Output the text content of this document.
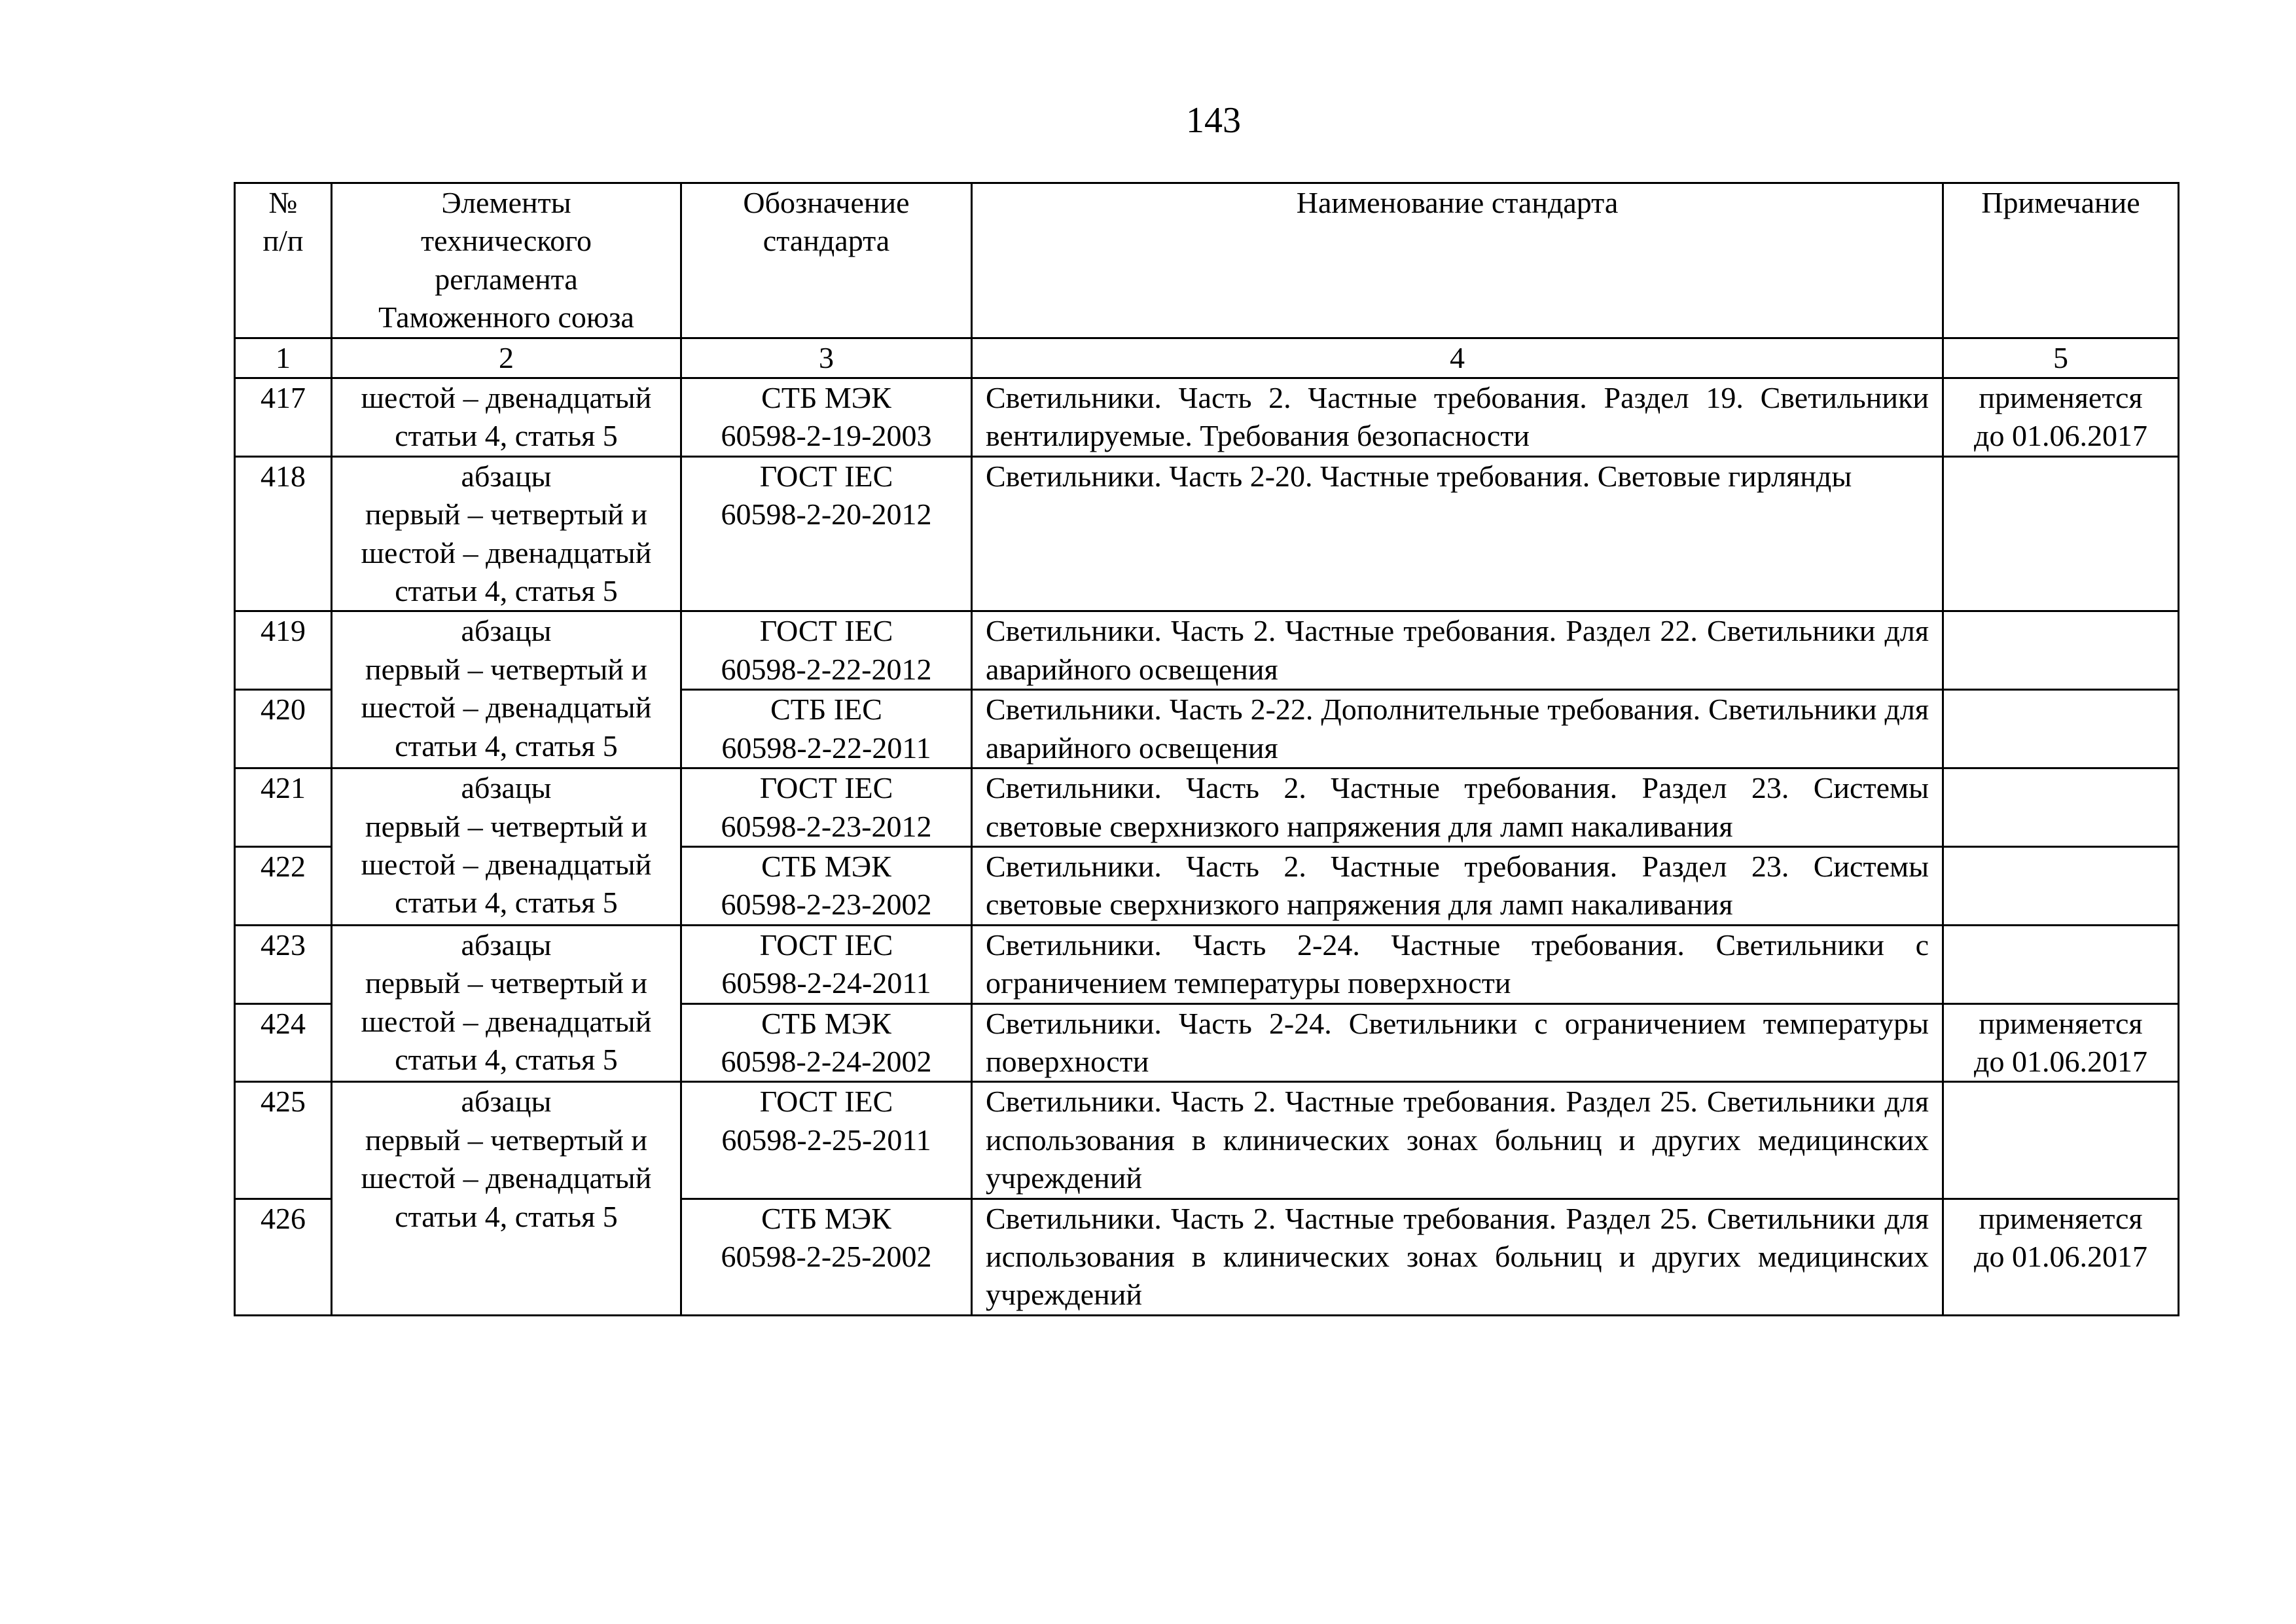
143
№
п/п	Элементы
технического
регламента
Таможенного союза	Обозначение
стандарта	Наименование стандарта	Примечание

1	2	3	4	5
417	шестой – двенадцатый
статьи 4, статья 5	СТБ МЭК
60598-2-19-2003	Светильники. Часть 2. Частные требования. Раздел 19. Светильники вентилируемые. Требования безопасности	применяется
до 01.06.2017

418	абзацы
первый – четвертый и
шестой – двенадцатый
статьи 4, статья 5	ГОСТ IEC
60598-2-20-2012	Светильники. Часть 2-20. Частные требования. Световые гирлянды	
419	абзацы
первый – четвертый и
шестой – двенадцатый
статьи 4, статья 5	ГОСТ IEC
60598-2-22-2012	Светильники. Часть 2. Частные требования. Раздел 22. Светильники для аварийного освещения	
420		СТБ IEC
60598-2-22-2011	Светильники. Часть 2-22. Дополнительные требования. Светильники для аварийного освещения	
421	абзацы
первый – четвертый и
шестой – двенадцатый
статьи 4, статья 5	ГОСТ IEC
60598-2-23-2012	Светильники. Часть 2. Частные требования. Раздел 23. Системы световые сверхнизкого напряжения для ламп накаливания	
422		СТБ МЭК
60598-2-23-2002	Светильники. Часть 2. Частные требования. Раздел 23. Системы световые сверхнизкого напряжения для ламп накаливания	
423	абзацы
первый – четвертый и
шестой – двенадцатый
статьи 4, статья 5	ГОСТ IEC
60598-2-24-2011	Светильники. Часть 2-24. Частные требования. Светильники с ограничением температуры поверхности	
424		СТБ МЭК
60598-2-24-2002	Светильники. Часть 2-24. Светильники с ограничением температуры поверхности	применяется
до 01.06.2017

425	абзацы
первый – четвертый и
шестой – двенадцатый
статьи 4, статья 5	ГОСТ IEC
60598-2-25-2011	Светильники. Часть 2. Частные требования. Раздел 25. Светильники для использования в клинических зонах больниц и других медицинских учреждений	
426		СТБ МЭК
60598-2-25-2002	Светильники. Часть 2. Частные требования. Раздел 25. Светильники для использования в клинических зонах больниц и других медицинских учреждений	применяется
до 01.06.2017
